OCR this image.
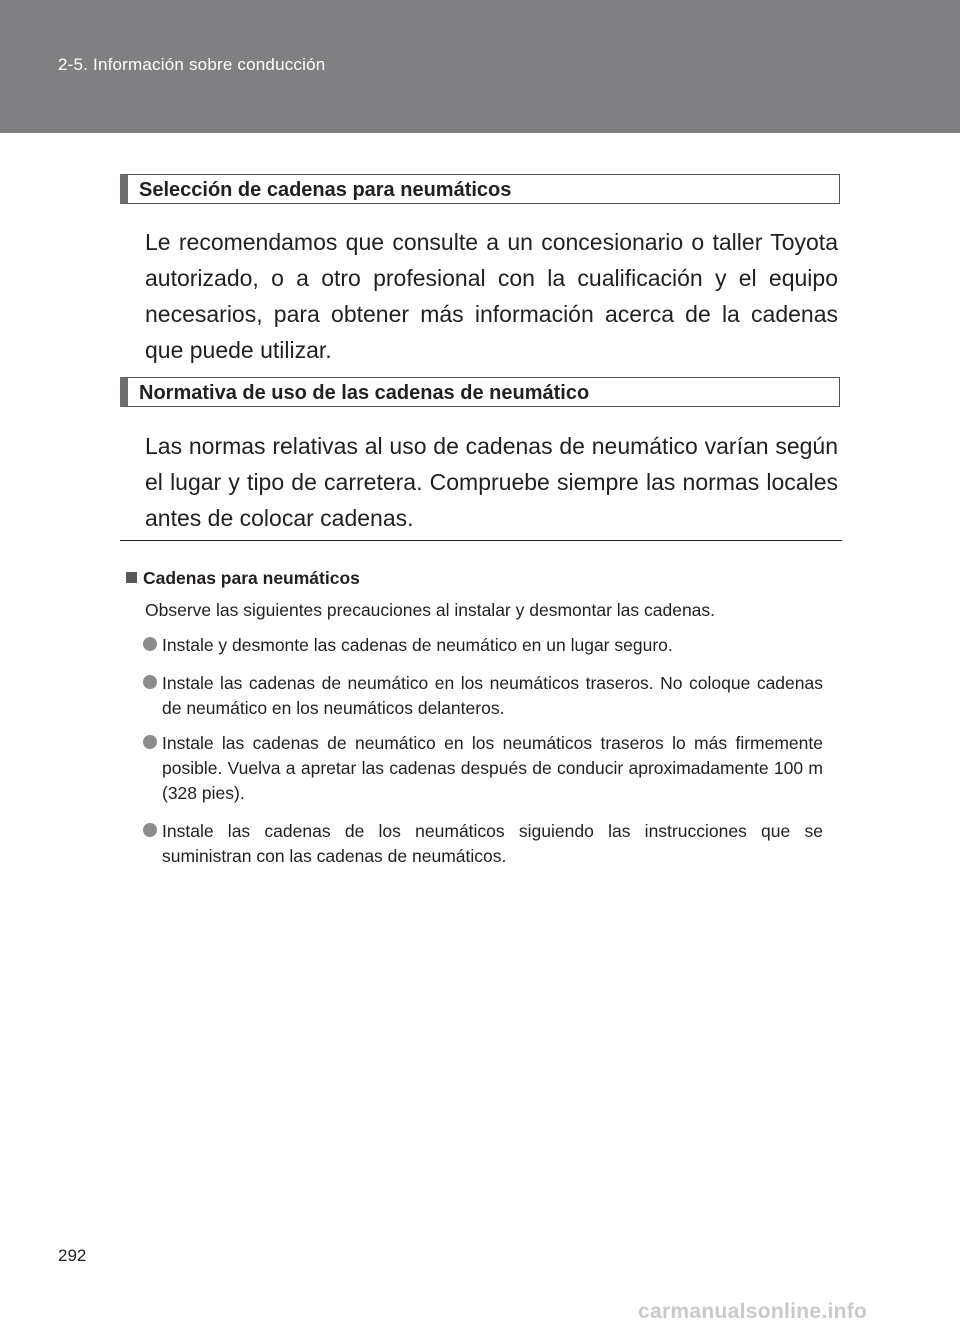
2-5. Información sobre conducción
Selección de cadenas para neumáticos
Le recomendamos que consulte a un concesionario o taller Toyota autorizado, o a otro profesional con la cualificación y el equipo necesarios, para obtener más información acerca de la cadenas que puede utilizar.
Normativa de uso de las cadenas de neumático
Las normas relativas al uso de cadenas de neumático varían según el lugar y tipo de carretera. Compruebe siempre las normas locales antes de colocar cadenas.
Cadenas para neumáticos
Observe las siguientes precauciones al instalar y desmontar las cadenas.
Instale y desmonte las cadenas de neumático en un lugar seguro.
Instale las cadenas de neumático en los neumáticos traseros. No coloque cadenas de neumático en los neumáticos delanteros.
Instale las cadenas de neumático en los neumáticos traseros lo más firmemente posible. Vuelva a apretar las cadenas después de conducir aproximadamente 100 m (328 pies).
Instale las cadenas de los neumáticos siguiendo las instrucciones que se suministran con las cadenas de neumáticos.
292
carmanualsonline.info
